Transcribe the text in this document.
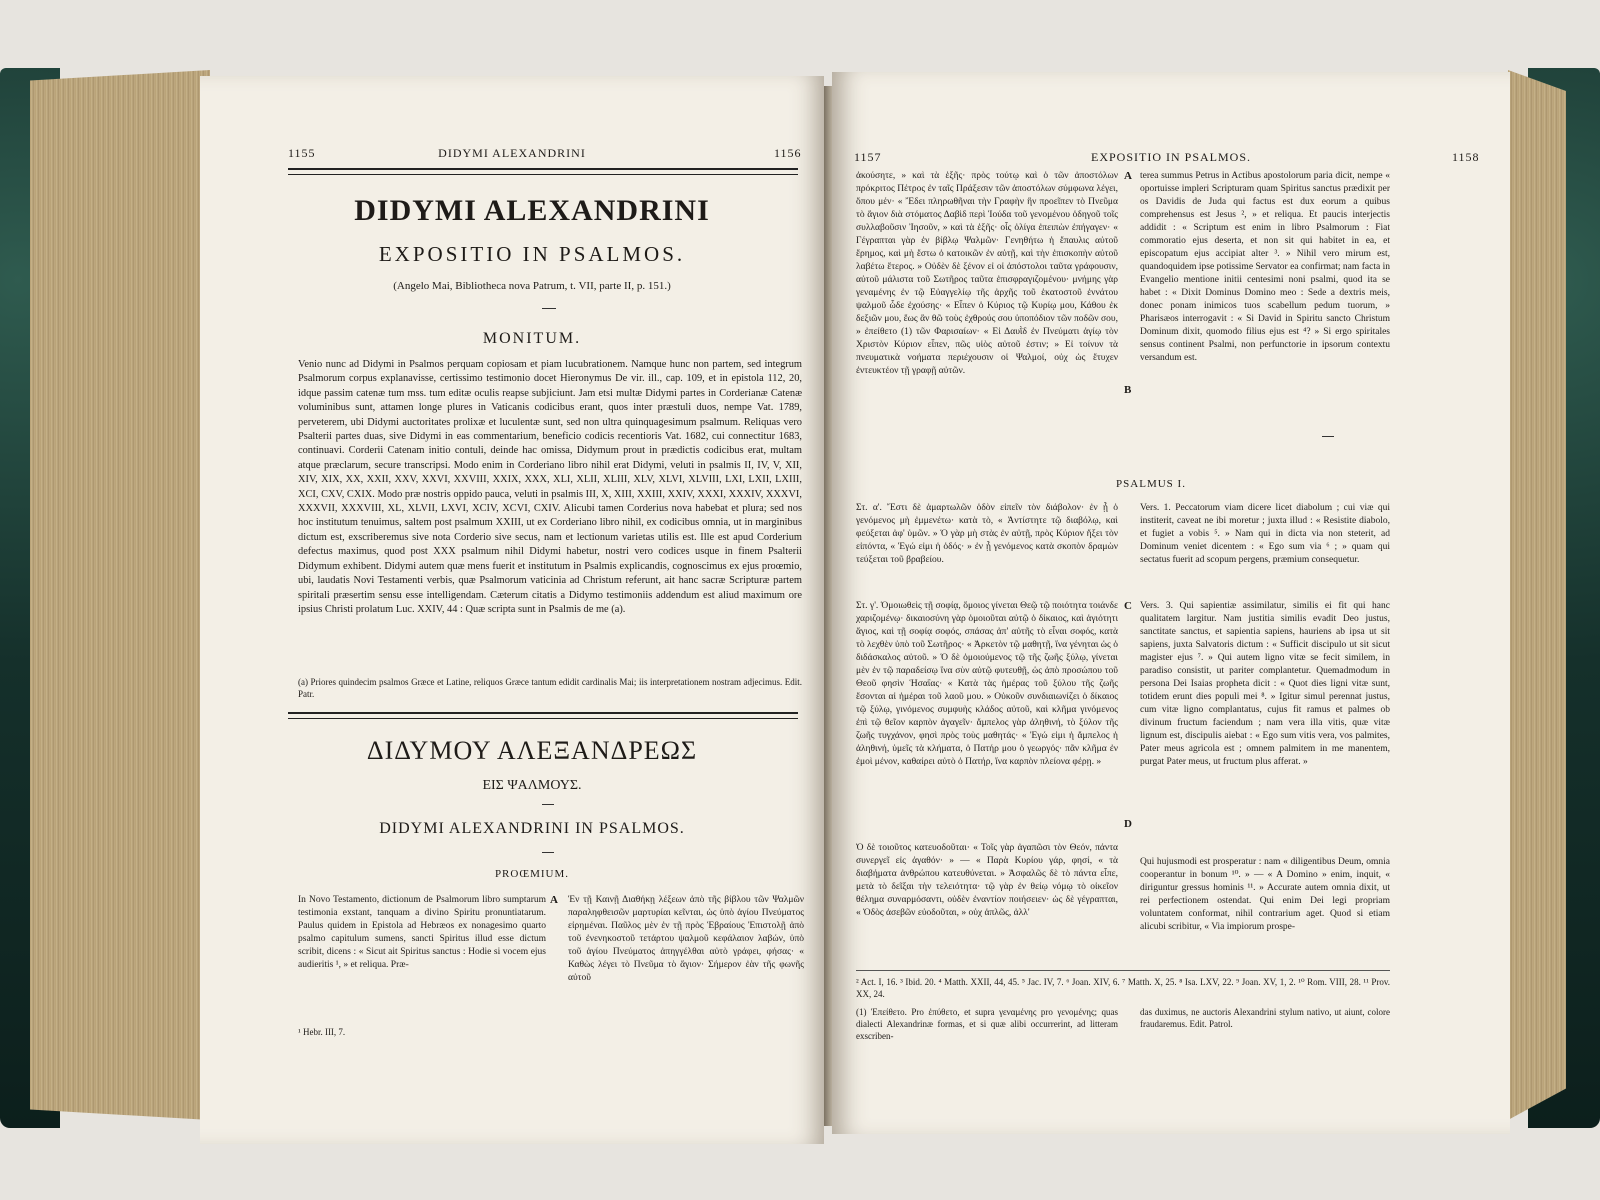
1155	DIDYMI ALEXANDRINI	1156
DIDYMI ALEXANDRINI
EXPOSITIO IN PSALMOS.
(Angelo Mai, Bibliotheca nova Patrum, t. VII, parte II, p. 151.)
MONITUM.
Venio nunc ad Didymi in Psalmos perquam copiosam et piam lucubrationem. Namque hunc non partem, sed integrum Psalmorum corpus explanavisse, certissimo testimonio docet Hieronymus De vir. ill., cap. 109, et in epistola 112, 20, idque passim catenæ tum mss. tum editæ oculis reapse subjiciunt. Jam etsi multæ Didymi partes in Corderianæ Catenæ voluminibus sunt, attamen longe plures in Vaticanis codicibus erant, quos inter præstuli duos, nempe Vat. 1789, perveterem, ubi Didymi auctoritates prolixæ et luculentæ sunt, sed non ultra quinquagesimum psalmum. Reliquas vero Psalterii partes duas, sive Didymi in eas commentarium, beneficio codicis recentioris Vat. 1682, cui connectitur 1683, continuavi. Corderii Catenam initio contuli, deinde hac omissa, Didymum prout in prædictis codicibus erat, multam atque præclarum, secure transcripsi. Modo enim in Corderiano libro nihil erat Didymi, veluti in psalmis II, IV, V, XII, XIV, XIX, XX, XXII, XXV, XXVI, XXVIII, XXIX, XXX, XLI, XLII, XLIII, XLV, XLVI, XLVIII, LXI, LXII, LXIII, XCI, CXV, CXIX. Modo præ nostris oppido pauca, veluti in psalmis III, X, XIII, XXIII, XXIV, XXXI, XXXIV, XXXVI, XXXVII, XXXVIII, XL, XLVII, LXVI, XCIV, XCVI, CXIV. Alicubi tamen Corderius nova habebat et plura; sed nos hoc institutum tenuimus, saltem post psalmum XXIII, ut ex Corderiano libro nihil, ex codicibus omnia, ut in marginibus dictum est, exscriberemus sive nota Corderio sive secus, nam et lectionum varietas utilis est. Ille est apud Corderium defectus maximus, quod post XXX psalmum nihil Didymi habetur, nostri vero codices usque in finem Psalterii Didymum exhibent. Didymi autem quæ mens fuerit et institutum in Psalmis explicandis, cognoscimus ex ejus proœmio, ubi, laudatis Novi Testamenti verbis, quæ Psalmorum vaticinia ad Christum referunt, ait hanc sacræ Scripturæ partem spiritali præsertim sensu esse intelligendam. Cæterum citatis a Didymo testimoniis addendum est aliud maximum ore ipsius Christi prolatum Luc. XXIV, 44 : Quæ scripta sunt in Psalmis de me (a).
(a) Priores quindecim psalmos Græce et Latine, reliquos Græce tantum edidit cardinalis Mai; iis interpretationem nostram adjecimus. Edit. Patr.
ΔΙΔΥΜΟΥ ΑΛΕΞΑΝΔΡΕΩΣ
ΕΙΣ ΨΑΛΜΟΥΣ.
DIDYMI ALEXANDRINI IN PSALMOS.
PROŒMIUM.
In Novo Testamento, dictionum de Psalmorum libro sumptarum testimonia exstant, tanquam a divino Spiritu pronuntiatarum. Paulus quidem in Epistola ad Hebræos ex nonagesimo quarto psalmo capitulum sumens, sancti Spiritus illud esse dictum scribit, dicens : « Sicut ait Spiritus sanctus : Hodie si vocem ejus audieritis ¹, » et reliqua. Præ-
A Ἐν τῇ Καινῇ Διαθήκῃ λέξεων ἀπὸ τῆς βίβλου τῶν Ψαλμῶν παραληφθεισῶν μαρτυρίαι κεῖνται, ὡς ὑπὸ ἁγίου Πνεύματος εἰρημέναι. Παῦλος μὲν ἐν τῇ πρὸς Ἑβραίους Ἐπιστολῇ ἀπὸ τοῦ ἐνενηκοστοῦ τετάρτου ψαλμοῦ κεφάλαιον λαβών, ὑπὸ τοῦ ἁγίου Πνεύματος ἀπηγγέλθαι αὐτὸ γράφει, φήσας· « Καθὼς λέγει τὸ Πνεῦμα τὸ ἅγιον· Σήμερον ἐὰν τῆς φωνῆς αὐτοῦ
¹ Hebr. III, 7.
1157	EXPOSITIO IN PSALMOS.	1158
ἀκούσητε, » καὶ τὰ ἑξῆς· πρὸς τούτῳ καὶ ὁ τῶν ἀποστόλων πρόκριτος Πέτρος ἐν ταῖς Πράξεσιν τῶν ἀποστόλων σύμφωνα λέγει, ὅπου μέν· « Ἔδει πληρωθῆναι τὴν Γραφὴν ἣν προεῖπεν τὸ Πνεῦμα τὸ ἅγιον διὰ στόματος Δαβὶδ περὶ Ἰούδα τοῦ γενομένου ὁδηγοῦ τοῖς συλλαβοῦσιν Ἰησοῦν, » καὶ τὰ ἑξῆς· οἷς ὀλίγα ἐπειπὼν ἐπήγαγεν· « Γέγραπται γὰρ ἐν βίβλῳ Ψαλμῶν· Γενηθήτω ἡ ἔπαυλις αὐτοῦ ἔρημος, καὶ μὴ ἔστω ὁ κατοικῶν ἐν αὐτῇ, καὶ τὴν ἐπισκοπὴν αὐτοῦ λαβέτω ἕτερος. » Οὐδὲν δὲ ξένον εἰ οἱ ἀπόστολοι ταῦτα γράφουσιν, αὐτοῦ μάλιστα τοῦ Σωτῆρος ταῦτα ἐπισφραγιζομένου· μνήμης γὰρ γεναμένης ἐν τῷ Εὐαγγελίῳ τῆς ἀρχῆς τοῦ ἑκατοστοῦ ἐννάτου ψαλμοῦ ὧδε ἐχούσης· « Εἶπεν ὁ Κύριος τῷ Κυρίῳ μου, Κάθου ἐκ δεξιῶν μου, ἕως ἂν θῶ τοὺς ἐχθρούς σου ὑποπόδιον τῶν ποδῶν σου, » ἐπείθετο (1) τῶν Φαρισαίων· « Εἰ Δαυῒδ ἐν Πνεύματι ἁγίῳ τὸν Χριστὸν Κύριον εἶπεν, πῶς υἱὸς αὐτοῦ ἐστιν; » Εἰ τοίνυν τὰ πνευματικὰ νοήματα περιέχουσιν οἱ Ψαλμοί, οὐχ ὡς ἔτυχεν ἐντευκτέον τῇ γραφῇ αὐτῶν.
A
B
terea summus Petrus in Actibus apostolorum paria dicit, nempe « oportuisse impleri Scripturam quam Spiritus sanctus prædixit per os Davidis de Juda qui factus est dux eorum a quibus comprehensus est Jesus ², » et reliqua. Et paucis interjectis addidit : « Scriptum est enim in libro Psalmorum : Fiat commoratio ejus deserta, et non sit qui habitet in ea, et episcopatum ejus accipiat alter ³. » Nihil vero mirum est, quandoquidem ipse potissime Servator ea confirmat; nam facta in Evangelio mentione initii centesimi noni psalmi, quod ita se habet : « Dixit Dominus Domino meo : Sede a dextris meis, donec ponam inimicos tuos scabellum pedum tuorum, » Pharisæos interrogavit : « Si David in Spiritu sancto Christum Dominum dixit, quomodo filius ejus est ⁴? » Si ergo spiritales sensus continent Psalmi, non perfunctorie in ipsorum contextu versandum est.
PSALMUS I.
Στ. α'. Ἔστι δὲ ἁμαρτωλῶν ὁδὸν εἰπεῖν τὸν διάβολον· ἐν ᾗ ὁ γενόμενος μὴ ἐμμενέτω· κατὰ τὸ, « Ἀντίστητε τῷ διαβόλῳ, καὶ φεύξεται ἀφ' ὑμῶν. » Ὁ γὰρ μὴ στὰς ἐν αὐτῇ, πρὸς Κύριον ἥξει τὸν εἰπόντα, « Ἐγώ εἰμι ἡ ὁδός· » ἐν ᾗ γενόμενος κατὰ σκοπὸν δραμὼν τεύξεται τοῦ βραβείου.
Vers. 1. Peccatorum viam dicere licet diabolum ; cui viæ qui institerit, caveat ne ibi moretur ; juxta illud : « Resistite diabolo, et fugiet a vobis ⁵. » Nam qui in dicta via non steterit, ad Dominum veniet dicentem : « Ego sum via ⁶ ; » quam qui sectatus fuerit ad scopum pergens, præmium consequetur.
C
Στ. γ'. Ὁμοιωθεὶς τῇ σοφίᾳ, ὅμοιος γίνεται Θεῷ τῷ ποιότητα τοιάνδε χαριζομένῳ· δικαιοσύνη γὰρ ὁμοιοῦται αὐτῷ ὁ δίκαιος, καὶ ἁγιότητι ἅγιος, καὶ τῇ σοφίᾳ σοφός, σπάσας ἀπ' αὐτῆς τὸ εἶναι σοφός, κατὰ τὸ λεχθὲν ὑπὸ τοῦ Σωτῆρος· « Ἀρκετὸν τῷ μαθητῇ, ἵνα γένηται ὡς ὁ διδάσκαλος αὐτοῦ. » Ὁ δὲ ὁμοιούμενος τῷ τῆς ζωῆς ξύλῳ, γίνεται μὲν ἐν τῷ παραδείσῳ ἵνα σὺν αὐτῷ φυτευθῇ, ὡς ἀπὸ προσώπου τοῦ Θεοῦ φησὶν Ἡσαΐας· « Κατὰ τὰς ἡμέρας τοῦ ξύλου τῆς ζωῆς ἔσονται αἱ ἡμέραι τοῦ λαοῦ μου. » Οὐκοῦν συνδιαιωνίζει ὁ δίκαιος τῷ ξύλῳ, γινόμενος συμφυὴς κλάδος αὐτοῦ, καὶ κλῆμα γινόμενος ἐπὶ τῷ θεῖον καρπὸν ἀγαγεῖν· ἄμπελος γὰρ ἀληθινή, τὸ ξύλον τῆς ζωῆς τυγχάνον, φησὶ πρὸς τοὺς μαθητάς· « Ἐγώ εἰμι ἡ ἄμπελος ἡ ἀληθινή, ὑμεῖς τὰ κλήματα, ὁ Πατήρ μου ὁ γεωργός· πᾶν κλῆμα ἐν ἐμοὶ μένον, καθαίρει αὐτὸ ὁ Πατήρ, ἵνα καρπὸν πλείονα φέρῃ. »
Vers. 3. Qui sapientiæ assimilatur, similis ei fit qui hanc qualitatem largitur. Nam justitia similis evadit Deo justus, sanctitate sanctus, et sapientia sapiens, hauriens ab ipsa ut sit sapiens, juxta Salvatoris dictum : « Sufficit discipulo ut sit sicut magister ejus ⁷. » Qui autem ligno vitæ se fecit similem, in paradiso consistit, ut pariter complantetur. Quemadmodum in persona Dei Isaias propheta dicit : « Quot dies ligni vitæ sunt, totidem erunt dies populi mei ⁸. » Igitur simul perennat justus, cum vitæ ligno complantatus, cujus fit ramus et palmes ob divinum fructum faciendum ; nam vera illa vitis, quæ vitæ lignum est, discipulis aiebat : « Ego sum vitis vera, vos palmites, Pater meus agricola est ; omnem palmitem in me manentem, purgat Pater meus, ut fructum plus afferat. »
D
Ὁ δὲ τοιοῦτος κατευοδοῦται· « Τοῖς γὰρ ἀγαπῶσι τὸν Θεόν, πάντα συνεργεῖ εἰς ἀγαθόν· » — « Παρὰ Κυρίου γάρ, φησί, « τὰ διαβήματα ἀνθρώπου κατευθύνεται. » Ἀσφαλῶς δὲ τὸ πάντα εἶπε, μετὰ τὸ δεῖξαι τὴν τελειότητα· τῷ γὰρ ἐν θείῳ νόμῳ τὸ οἰκεῖον θέλημα συναρμόσαντι, οὐδὲν ἐναντίον ποιήσειεν· ὡς δὲ γέγραπται, « Ὁδὸς ἀσεβῶν εὐοδοῦται, » οὐχ ἁπλῶς, ἀλλ'
Qui hujusmodi est prosperatur : nam « diligentibus Deum, omnia cooperantur in bonum ¹⁰. » — « A Domino » enim, inquit, « diriguntur gressus hominis ¹¹. » Accurate autem omnia dixit, ut rei perfectionem ostendat. Qui enim Dei legi propriam voluntatem conformat, nihil contrarium aget. Quod si etiam alicubi scribitur, « Via impiorum prospe-
² Act. I, 16. ³ Ibid. 20. ⁴ Matth. XXII, 44, 45. ⁵ Jac. IV, 7. ⁶ Joan. XIV, 6. ⁷ Matth. X, 25. ⁸ Isa. LXV, 22. ⁹ Joan. XV, 1, 2. ¹⁰ Rom. VIII, 28. ¹¹ Prov. XX, 24.
(1) Ἐπείθετο. Pro ἐπύθετο, et supra γεναμένης pro γενομένης; quas dialecti Alexandrinæ formas, et si quæ alibi occurrerint, ad litteram exscriben-
das duximus, ne auctoris Alexandrini stylum nativo, ut aiunt, colore fraudaremus. Edit. Patrol.
